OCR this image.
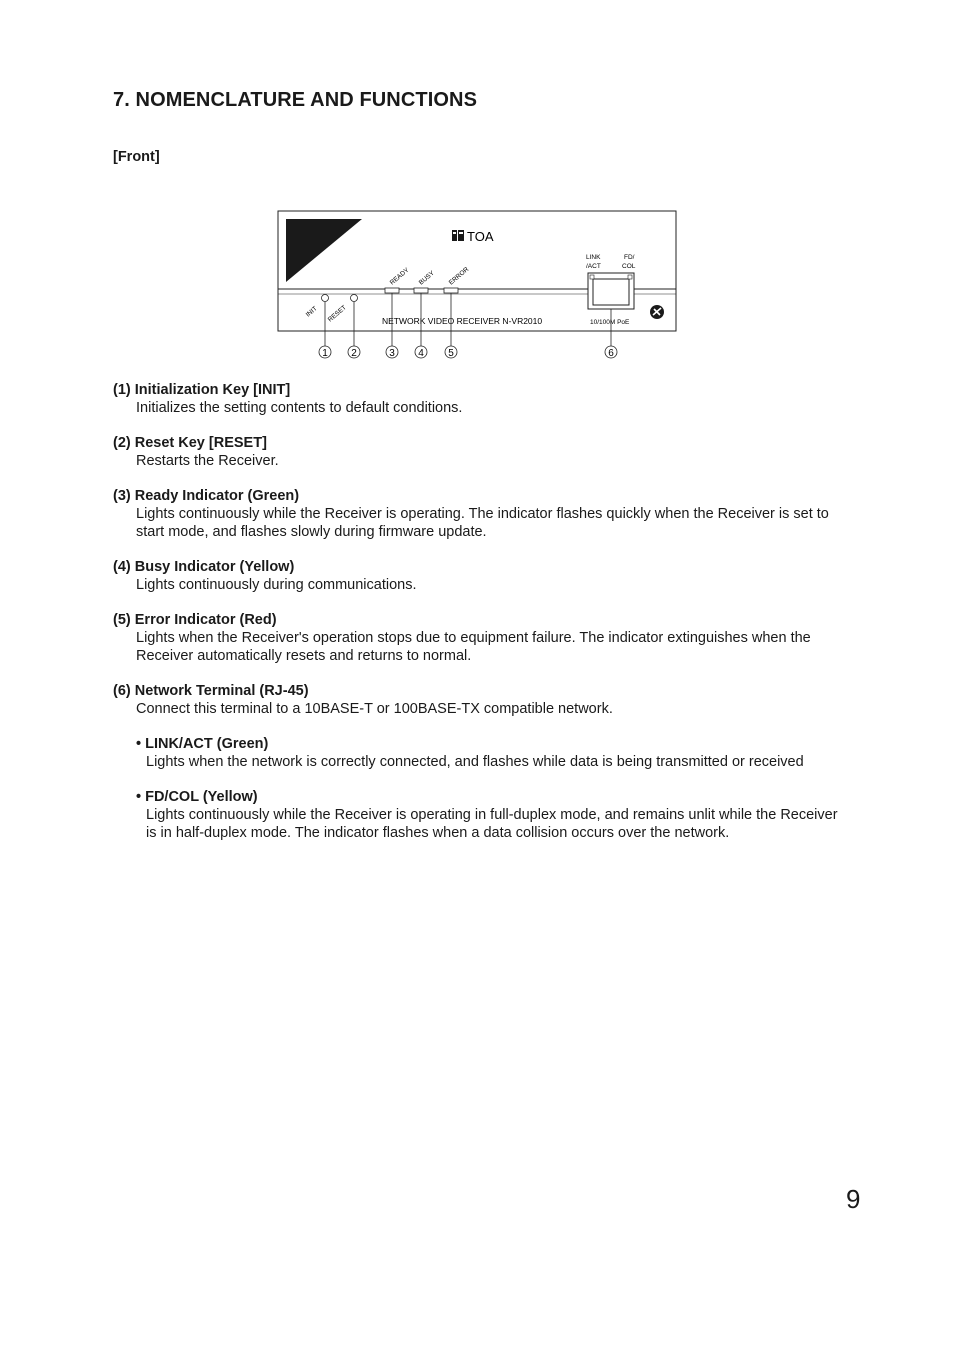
7. NOMENCLATURE AND FUNCTIONS
[Front]
TOA
READY BUSY ERROR
INIT RESET	NETWORK VIDEO RECEIVER N-VR2010
LINK
/ACT
FD/
COL
10/100M PoE
1 2	3 4 5	6
(1) Initialization Key [INIT]
Initializes the setting contents to default conditions.
(2) Reset Key [RESET]
Restarts the Receiver.
(3) Ready Indicator (Green)
Lights continuously while the Receiver is operating. The indicator flashes quickly when the Receiver is set to start mode, and flashes slowly during firmware update.
(4) Busy Indicator (Yellow)
Lights continuously during communications.
(5) Error Indicator (Red)
Lights when the Receiver's operation stops due to equipment failure. The indicator extinguishes when the Receiver automatically resets and returns to normal.
(6) Network Terminal (RJ-45)
Connect this terminal to a 10BASE-T or 100BASE-TX compatible network.
• LINK/ACT (Green)
Lights when the network is correctly connected, and flashes while data is being transmitted or received
• FD/COL (Yellow)
Lights continuously while the Receiver is operating in full-duplex mode, and remains unlit while the Receiver is in half-duplex mode. The indicator flashes when a data collision occurs over the network.
9
